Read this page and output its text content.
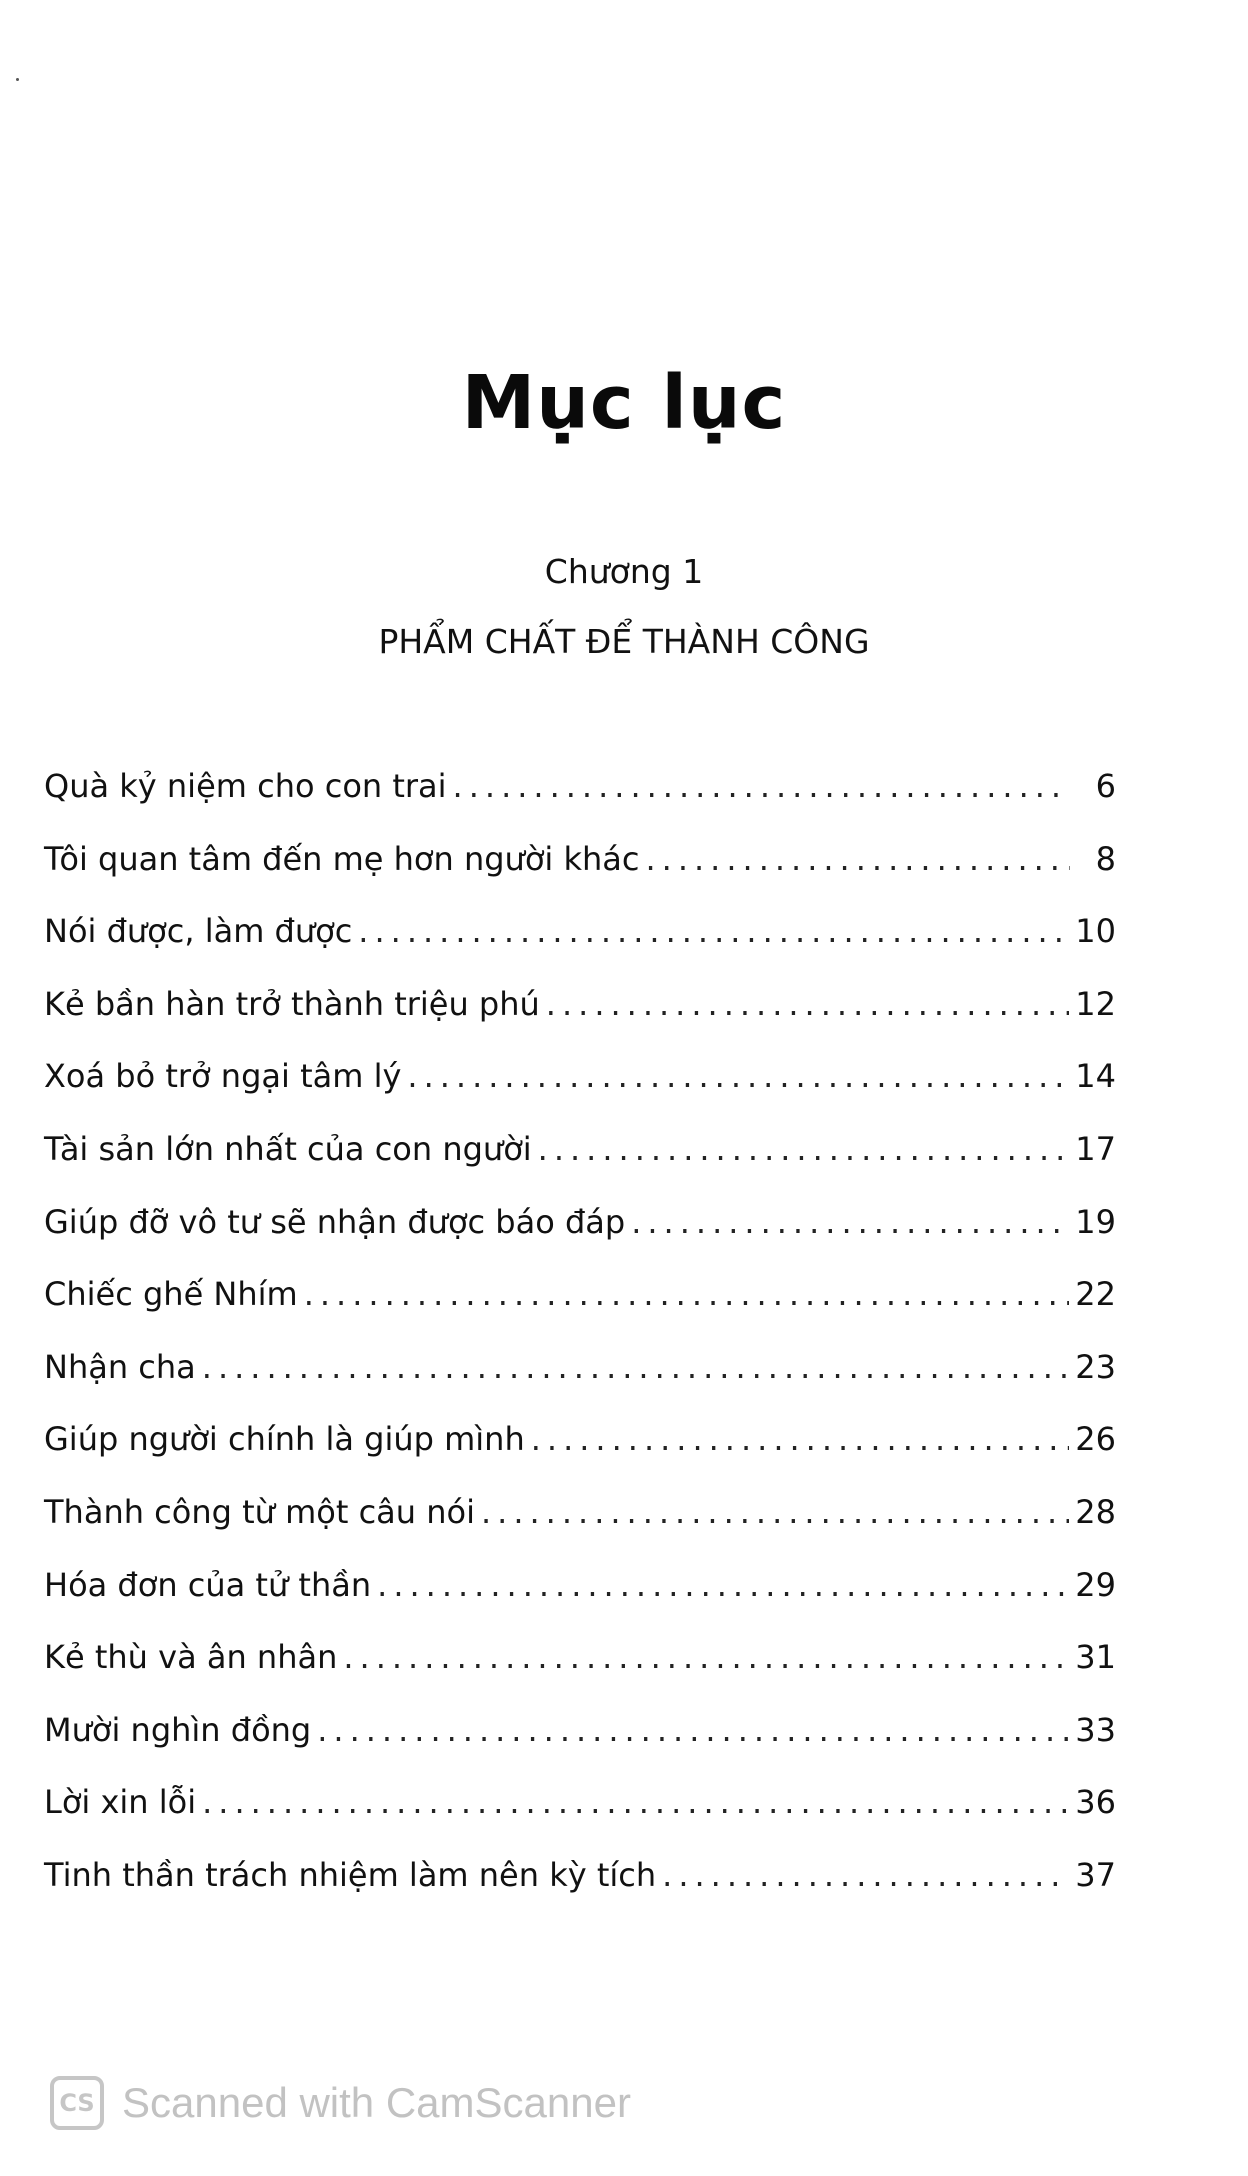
Mục lục
Chương 1
PHẨM CHẤT ĐỂ THÀNH CÔNG
Quà kỷ niệm cho con trai .....	6
Tôi quan tâm đến mẹ hơn người khác .....	8
Nói được, làm được .....	10
Kẻ bần hàn trở thành triệu phú .....	12
Xoá bỏ trở ngại tâm lý .....	14
Tài sản lớn nhất của con người .....	17
Giúp đỡ vô tư sẽ nhận được báo đáp .....	19
Chiếc ghế Nhím .....	22
Nhận cha .....	23
Giúp người chính là giúp mình .....	26
Thành công từ một câu nói .....	28
Hóa đơn của tử thần .....	29
Kẻ thù và ân nhân .....	31
Mười nghìn đồng .....	33
Lời xin lỗi .....	36
Tinh thần trách nhiệm làm nên kỳ tích .....	37
CS Scanned with CamScanner
